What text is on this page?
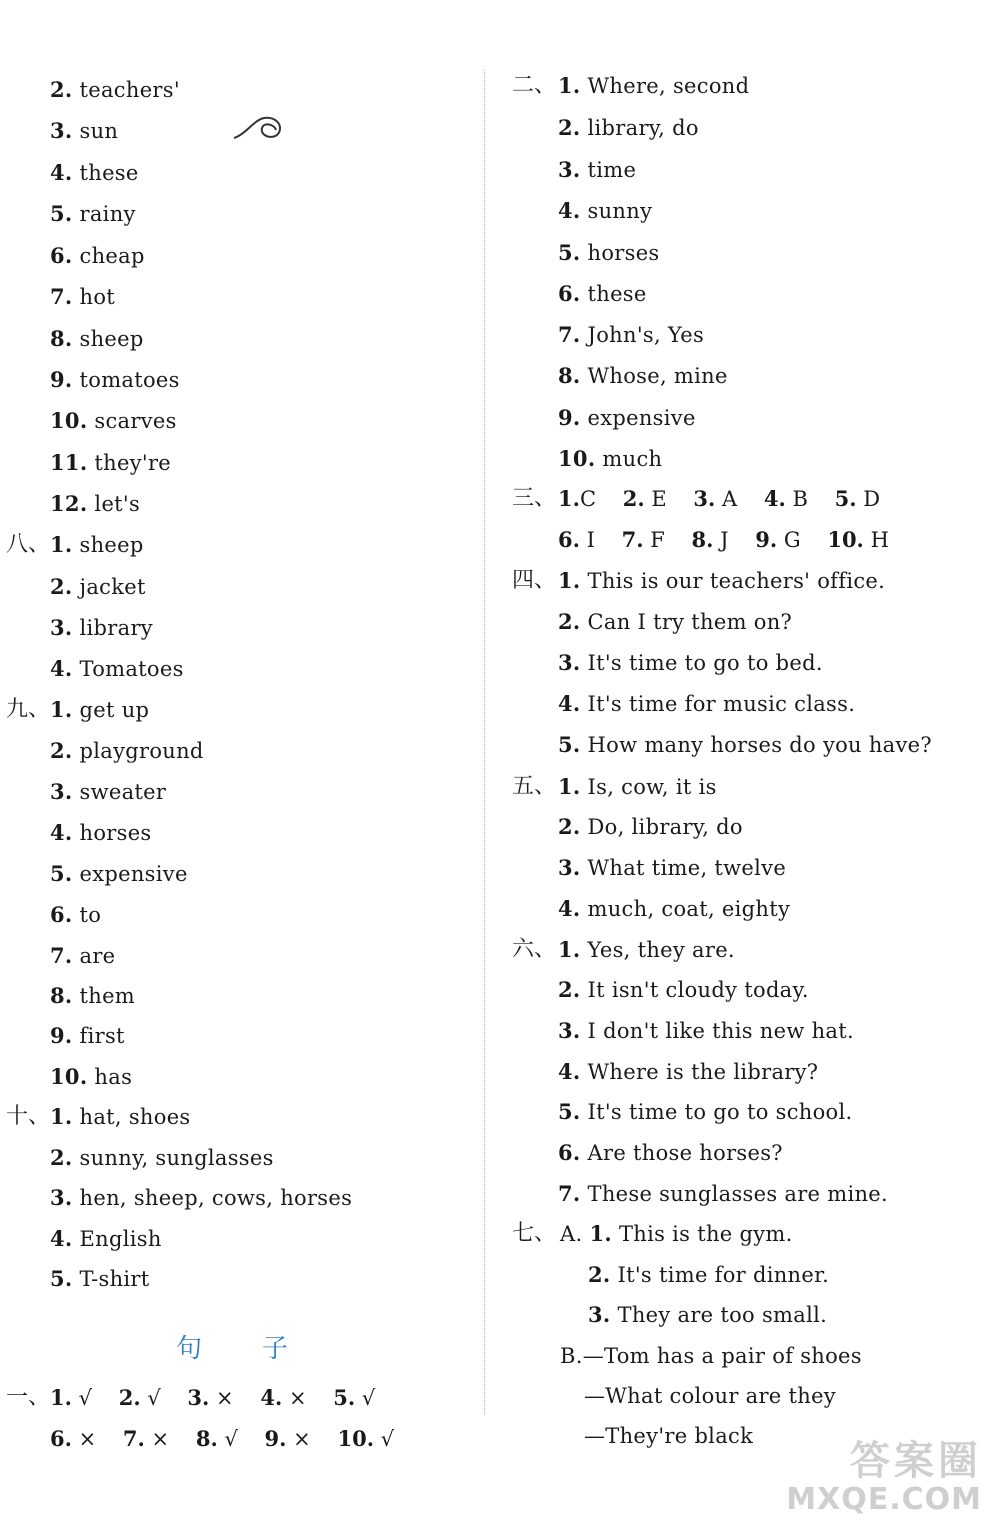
2. teachers'
3. sun
4. these
5. rainy
6. cheap
7. hot
8. sheep
9. tomatoes
10. scarves
11. they're
12. let's
八、 1. sheep
2. jacket
3. library
4. Tomatoes
九、 1. get up
2. playground
3. sweater
4. horses
5. expensive
6. to
7. are
8. them
9. first
10. has
十、 1. hat, shoes
2. sunny, sunglasses
3. hen, sheep, cows, horses
4. English
5. T-shirt
句 子
一、 1. √ 2. √ 3. × 4. × 5. √
6. × 7. × 8. √ 9. × 10. √
二、 1. Where, second
2. library, do
3. time
4. sunny
5. horses
6. these
7. John's, Yes
8. Whose, mine
9. expensive
10. much
三、 1.C 2. E 3. A 4. B 5. D
6. I 7. F 8. J 9. G 10. H
四、 1. This is our teachers' office.
2. Can I try them on?
3. It's time to go to bed.
4. It's time for music class.
5. How many horses do you have?
五、 1. Is, cow, it is
2. Do, library, do
3. What time, twelve
4. much, coat, eighty
六、 1. Yes, they are.
2. It isn't cloudy today.
3. I don't like this new hat.
4. Where is the library?
5. It's time to go to school.
6. Are those horses?
7. These sunglasses are mine.
七、 A. 1. This is the gym.
2. It's time for dinner.
3. They are too small.
B.—Tom has a pair of shoes
—What colour are they
—They're black
答案圈
MXQE.COM
